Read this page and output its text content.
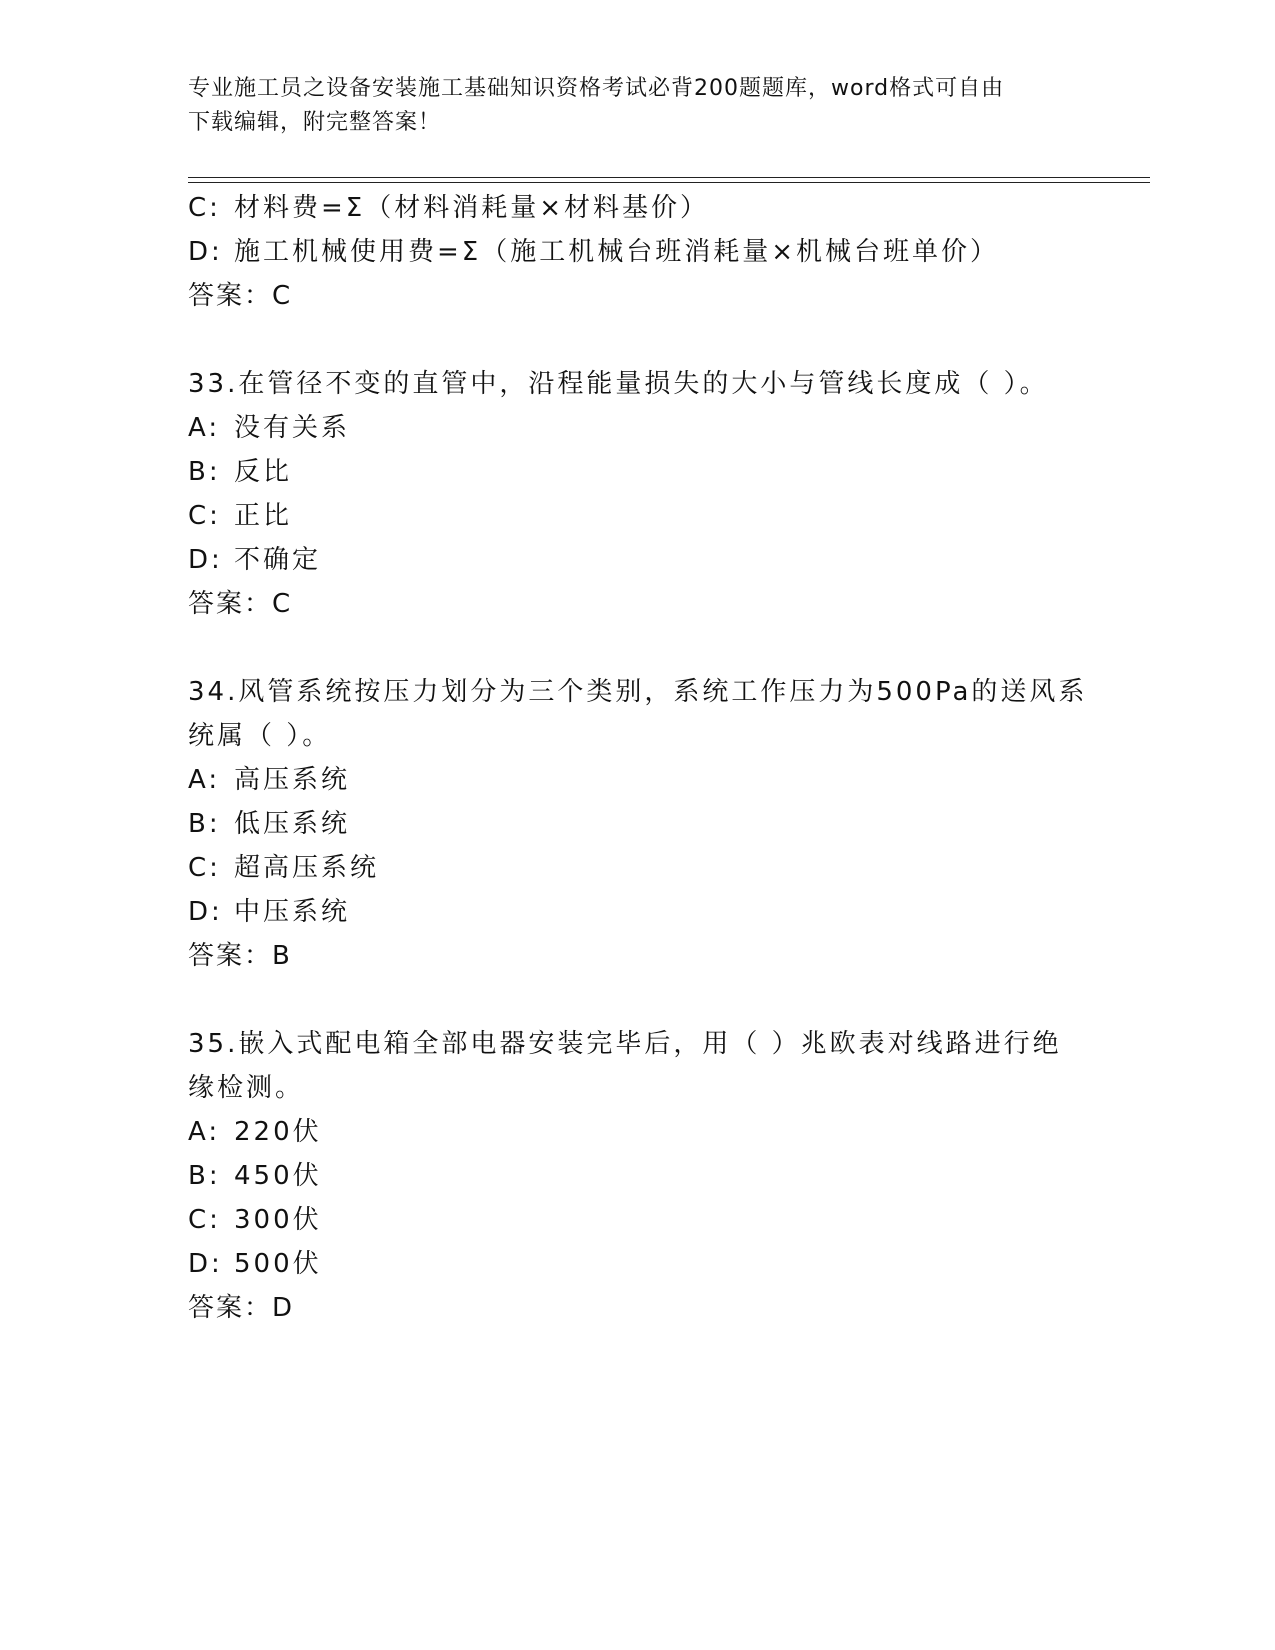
专业施工员之设备安装施工基础知识资格考试必背200题题库，word格式可自由
下载编辑，附完整答案！
C: 材料费=Σ（材料消耗量×材料基价）
D: 施工机械使用费=Σ（施工机械台班消耗量×机械台班单价）
答案：C
33.在管径不变的直管中，沿程能量损失的大小与管线长度成（ ）。
A: 没有关系
B: 反比
C: 正比
D: 不确定
答案：C
34.风管系统按压力划分为三个类别，系统工作压力为500Pa的送风系
统属（ ）。
A: 高压系统
B: 低压系统
C: 超高压系统
D: 中压系统
答案：B
35.嵌入式配电箱全部电器安装完毕后，用（ ）兆欧表对线路进行绝
缘检测。
A: 220伏
B: 450伏
C: 300伏
D: 500伏
答案：D
